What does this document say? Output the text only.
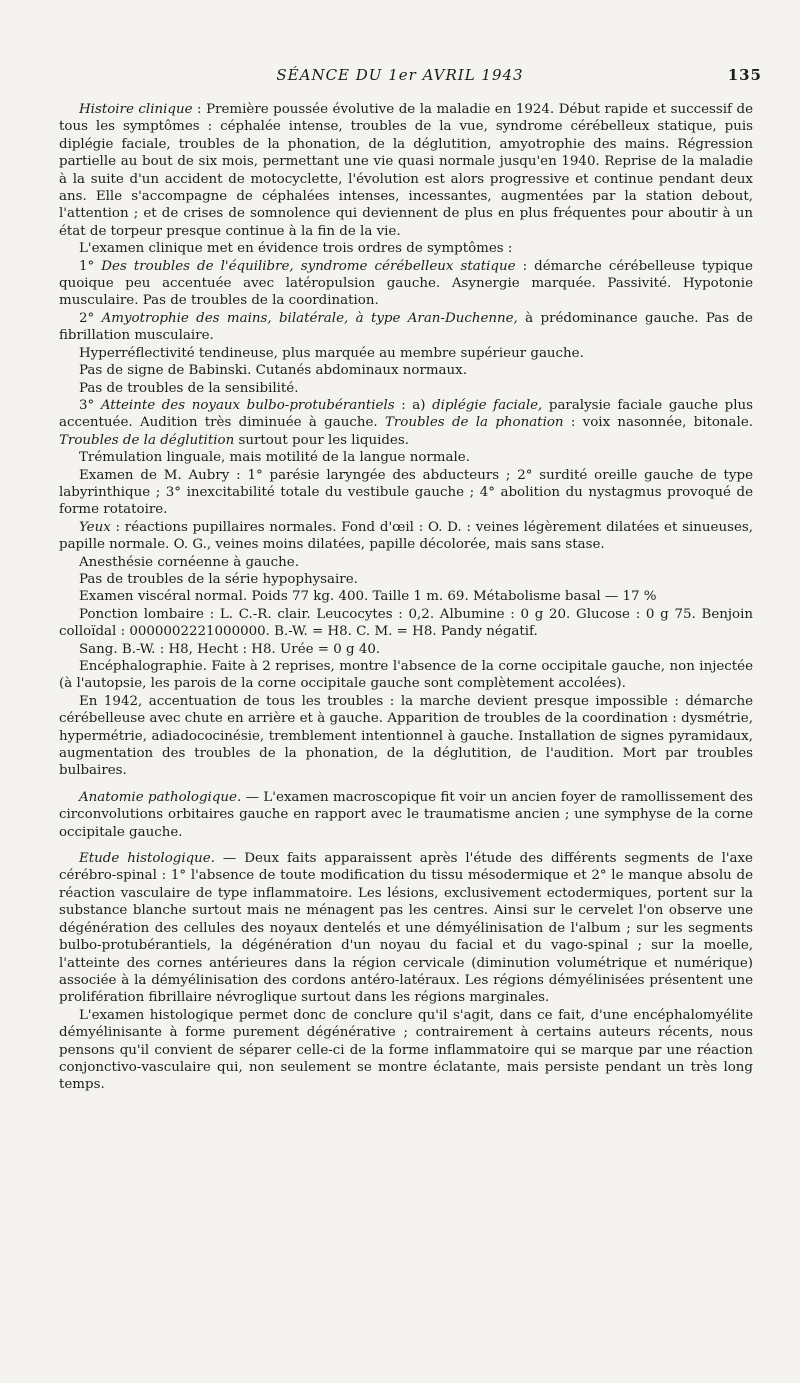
SÉANCE DU 1er AVRIL 1943	135

Histoire clinique : Première poussée évolutive de la maladie en 1924. Début rapide et successif de tous les symptômes : céphalée intense, troubles de la vue, syndrome cérébelleux statique, puis diplégie faciale, troubles de la phonation, de la déglutition, amyotrophie des mains. Régression partielle au bout de six mois, permettant une vie quasi normale jusqu'en 1940. Reprise de la maladie à la suite d'un accident de motocyclette, l'évolution est alors progressive et continue pendant deux ans. Elle s'accompagne de céphalées intenses, incessantes, augmentées par la station debout, l'attention ; et de crises de somnolence qui deviennent de plus en plus fréquentes pour aboutir à un état de torpeur presque continue à la fin de la vie.

L'examen clinique met en évidence trois ordres de symptômes :

1° Des troubles de l'équilibre, syndrome cérébelleux statique : démarche cérébelleuse typique quoique peu accentuée avec latéropulsion gauche. Asynergie marquée. Passivité. Hypotonie musculaire. Pas de troubles de la coordination.

2° Amyotrophie des mains, bilatérale, à type Aran-Duchenne, à prédominance gauche. Pas de fibrillation musculaire.

Hyperréflectivité tendineuse, plus marquée au membre supérieur gauche.

Pas de signe de Babinski. Cutanés abdominaux normaux.

Pas de troubles de la sensibilité.

3° Atteinte des noyaux bulbo-protubérantiels : a) diplégie faciale, paralysie faciale gauche plus accentuée. Audition très diminuée à gauche. Troubles de la phonation : voix nasonnée, bitonale. Troubles de la déglutition surtout pour les liquides.

Trémulation linguale, mais motilité de la langue normale.

Examen de M. Aubry : 1° parésie laryngée des abducteurs ; 2° surdité oreille gauche de type labyrinthique ; 3° inexcitabilité totale du vestibule gauche ; 4° abolition du nystagmus provoqué de forme rotatoire.

Yeux : réactions pupillaires normales. Fond d'œil : O. D. : veines légèrement dilatées et sinueuses, papille normale. O. G., veines moins dilatées, papille décolorée, mais sans stase.

Anesthésie cornéenne à gauche.

Pas de troubles de la série hypophysaire.

Examen viscéral normal. Poids 77 kg. 400. Taille 1 m. 69. Métabolisme basal — 17 %

Ponction lombaire : L. C.-R. clair. Leucocytes : 0,2. Albumine : 0 g 20. Glucose : 0 g 75. Benjoin colloïdal : 0000002221000000. B.-W. = H8. C. M. = H8. Pandy négatif.

Sang. B.-W. : H8, Hecht : H8. Urée = 0 g 40.

Encéphalographie. Faite à 2 reprises, montre l'absence de la corne occipitale gauche, non injectée (à l'autopsie, les parois de la corne occipitale gauche sont complètement accolées).

En 1942, accentuation de tous les troubles : la marche devient presque impossible : démarche cérébelleuse avec chute en arrière et à gauche. Apparition de troubles de la coordination : dysmétrie, hypermétrie, adiadococinésie, tremblement intentionnel à gauche. Installation de signes pyramidaux, augmentation des troubles de la phonation, de la déglutition, de l'audition. Mort par troubles bulbaires.

Anatomie pathologique. — L'examen macroscopique fit voir un ancien foyer de ramollissement des circonvolutions orbitaires gauche en rapport avec le traumatisme ancien ; une symphyse de la corne occipitale gauche.

Etude histologique. — Deux faits apparaissent après l'étude des différents segments de l'axe cérébro-spinal : 1° l'absence de toute modification du tissu mésodermique et 2° le manque absolu de réaction vasculaire de type inflammatoire. Les lésions, exclusivement ectodermiques, portent sur la substance blanche surtout mais ne ménagent pas les centres. Ainsi sur le cervelet l'on observe une dégénération des cellules des noyaux dentelés et une démyélinisation de l'album ; sur les segments bulbo-protubérantiels, la dégénération d'un noyau du facial et du vago-spinal ; sur la moelle, l'atteinte des cornes antérieures dans la région cervicale (diminution volumétrique et numérique) associée à la démyélinisation des cordons antéro-latéraux. Les régions démyélinisées présentent une prolifération fibrillaire névroglique surtout dans les régions marginales.

L'examen histologique permet donc de conclure qu'il s'agit, dans ce fait, d'une encéphalomyélite démyélinisante à forme purement dégénérative ; contrairement à certains auteurs récents, nous pensons qu'il convient de séparer celle-ci de la forme inflammatoire qui se marque par une réaction conjonctivo-vasculaire qui, non seulement se montre éclatante, mais persiste pendant un très long temps.
